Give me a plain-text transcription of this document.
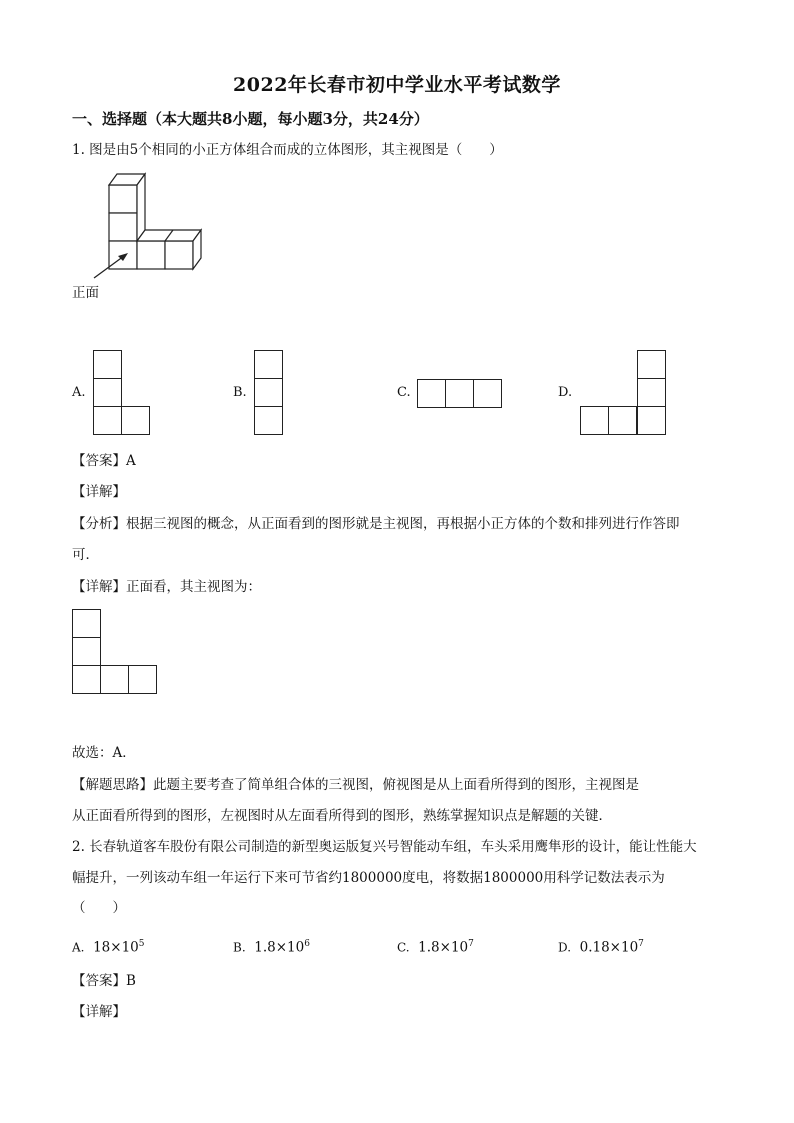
2022年长春市初中学业水平考试数学
一、选择题（本大题共8小题，每小题3分，共24分）
1. 图是由5个相同的小正方体组合而成的立体图形，其主视图是（　　）
正面
A.	B.	C.	D.
【答案】A
【详解】
【分析】根据三视图的概念，从正面看到的图形就是主视图，再根据小正方体的个数和排列进行作答即
可．
【详解】正面看，其主视图为：
故选：A．
【解题思路】此题主要考查了简单组合体的三视图，俯视图是从上面看所得到的图形，主视图是
从正面看所得到的图形，左视图时从左面看所得到的图形，熟练掌握知识点是解题的关键．
2. 长春轨道客车股份有限公司制造的新型奥运版复兴号智能动车组，车头采用鹰隼形的设计，能让性能大
幅提升，一列该动车组一年运行下来可节省约1800000度电，将数据1800000用科学记数法表示为
（　　）
A. $18\times 10^5$	B. $1.8\times 10^6$	C. $1.8\times 10^7$	D. $0.18\times 10^7$
【答案】B
【详解】
